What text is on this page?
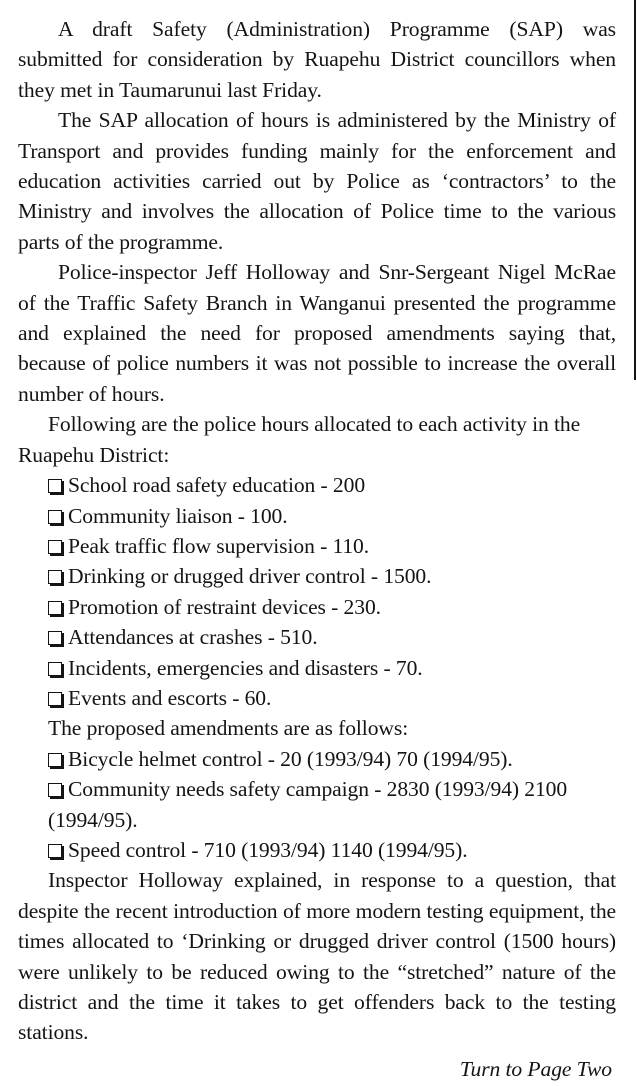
A draft Safety (Administration) Programme (SAP) was submitted for consideration by Ruapehu District councillors when they met in Taumarunui last Friday.

The SAP allocation of hours is administered by the Ministry of Transport and provides funding mainly for the enforcement and education activities carried out by Police as ‘contractors’ to the Ministry and involves the allocation of Police time to the various parts of the programme.

Police-inspector Jeff Holloway and Snr-Sergeant Nigel McRae of the Traffic Safety Branch in Wanganui presented the programme and explained the need for proposed amendments saying that, because of police numbers it was not possible to increase the overall number of hours.

Following are the police hours allocated to each activity in the Ruapehu District:

School road safety education - 200
Community liaison - 100.
Peak traffic flow supervision - 110.
Drinking or drugged driver control - 1500.
Promotion of restraint devices - 230.
Attendances at crashes - 510.
Incidents, emergencies and disasters - 70.
Events and escorts - 60.

The proposed amendments are as follows:

Bicycle helmet control - 20 (1993/94) 70 (1994/95).
Community needs safety campaign - 2830 (1993/94) 2100 (1994/95).
Speed control - 710 (1993/94) 1140 (1994/95).

Inspector Holloway explained, in response to a question, that despite the recent introduction of more modern testing equipment, the times allocated to ‘Drinking or drugged driver control (1500 hours) were unlikely to be reduced owing to the “stretched” nature of the district and the time it takes to get offenders back to the testing stations.

Turn to Page Two
